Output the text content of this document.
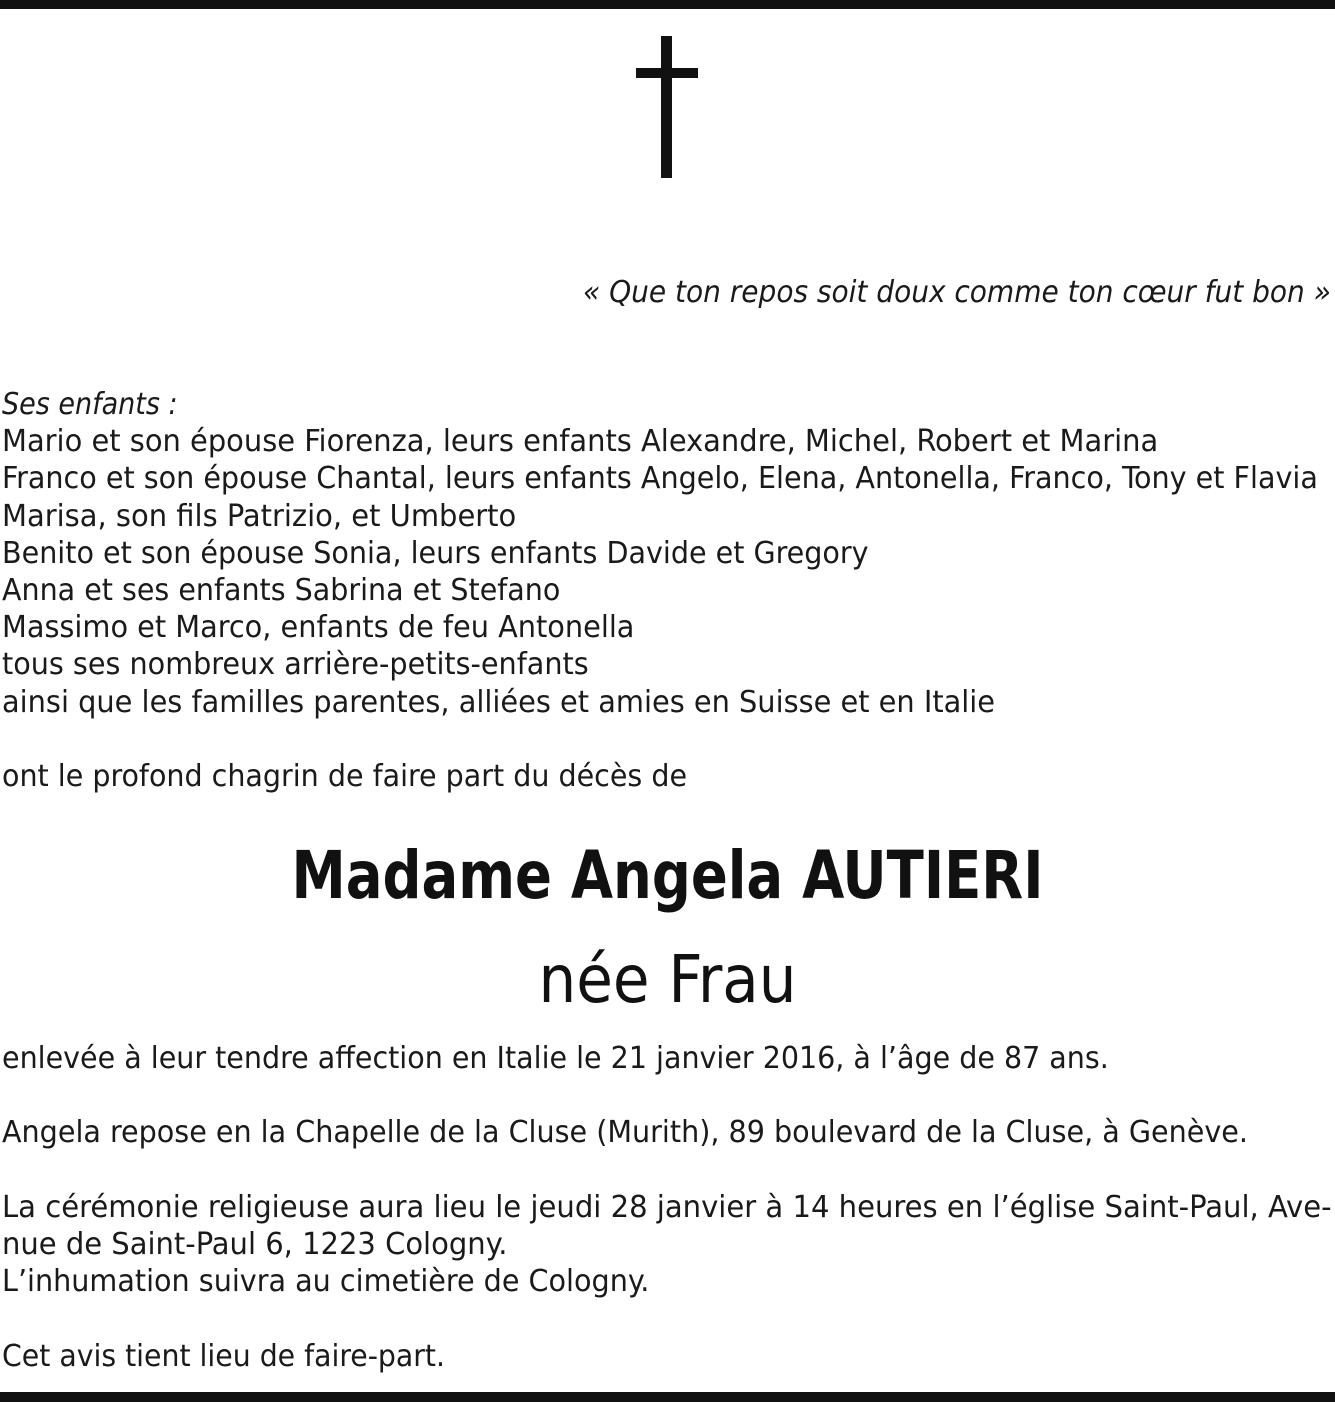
« Que ton repos soit doux comme ton cœur fut bon »
Ses enfants :
Mario et son épouse Fiorenza, leurs enfants Alexandre, Michel, Robert et Marina
Franco et son épouse Chantal, leurs enfants Angelo, Elena, Antonella, Franco, Tony et Flavia
Marisa, son fils Patrizio, et Umberto
Benito et son épouse Sonia, leurs enfants Davide et Gregory
Anna et ses enfants Sabrina et Stefano
Massimo et Marco, enfants de feu Antonella
tous ses nombreux arrière-petits-enfants
ainsi que les familles parentes, alliées et amies en Suisse et en Italie
ont le profond chagrin de faire part du décès de
Madame Angela AUTIERI
née Frau
enlevée à leur tendre affection en Italie le 21 janvier 2016, à l’âge de 87 ans.
Angela repose en la Chapelle de la Cluse (Murith), 89 boulevard de la Cluse, à Genève.
La cérémonie religieuse aura lieu le jeudi 28 janvier à 14 heures en l’église Saint-Paul, Ave-
nue de Saint-Paul 6, 1223 Cologny.
L’inhumation suivra au cimetière de Cologny.
Cet avis tient lieu de faire-part.
